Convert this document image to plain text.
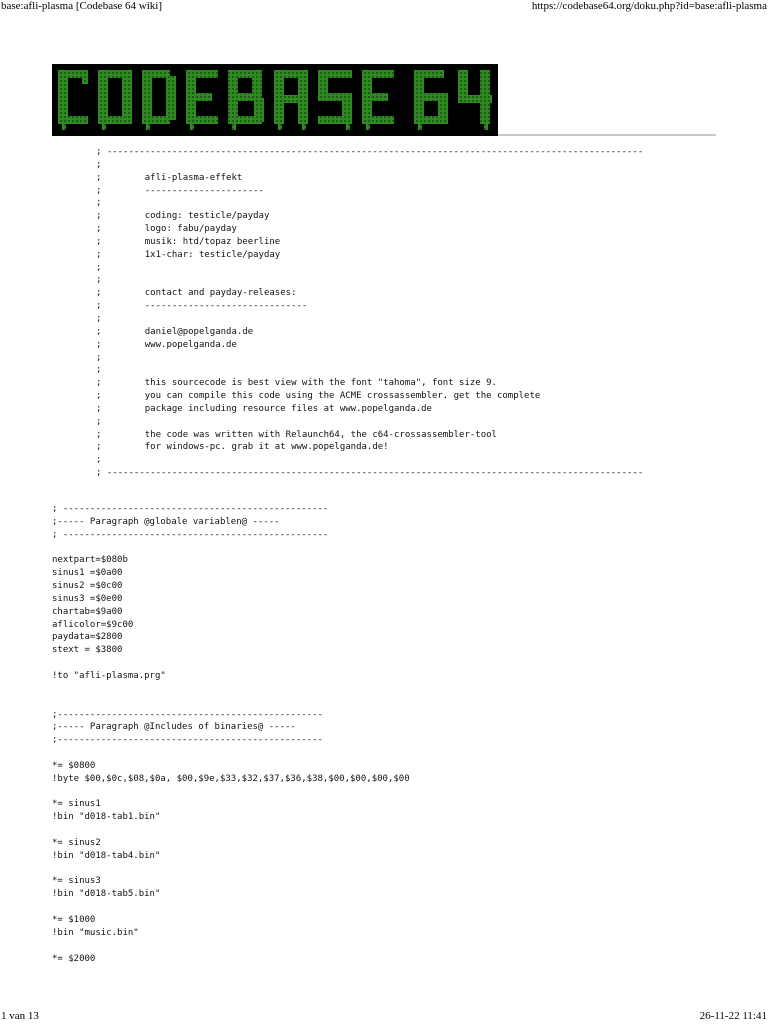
base:afli-plasma [Codebase 64 wiki]	https://codebase64.org/doku.php?id=base:afli-plasma
; ---------------------------------------------------------------------------------------------------
;
;        afli-plasma-effekt
;        ----------------------
;
;        coding: testicle/payday
;        logo: fabu/payday
;        musik: htd/topaz beerline
;        1x1-char: testicle/payday
;
;
;        contact and payday-releases:
;        ------------------------------
;
;        daniel@popelganda.de
;        www.popelganda.de
;
;
;        this sourcecode is best view with the font "tahoma", font size 9.
;        you can compile this code using the ACME crossassembler. get the complete
;        package including resource files at www.popelganda.de
;
;        the code was written with Relaunch64, the c64-crossassembler-tool
;        for windows-pc. grab it at www.popelganda.de!
;
; ---------------------------------------------------------------------------------------------------
; -------------------------------------------------
;----- Paragraph @globale variablen@ -----
; -------------------------------------------------

nextpart=$080b
sinus1 =$0a00
sinus2 =$0c00
sinus3 =$0e00
chartab=$9a00
aflicolor=$9c00
paydata=$2800
stext = $3800

!to "afli-plasma.prg"

;-------------------------------------------------
;----- Paragraph @Includes of binaries@ -----
;-------------------------------------------------

*= $0800
!byte $00,$0c,$08,$0a, $00,$9e,$33,$32,$37,$36,$38,$00,$00,$00,$00

*= sinus1
!bin "d018-tab1.bin"

*= sinus2
!bin "d018-tab4.bin"

*= sinus3
!bin "d018-tab5.bin"

*= $1000
!bin "music.bin"

*= $2000
1 van 13	26-11-22 11:41
